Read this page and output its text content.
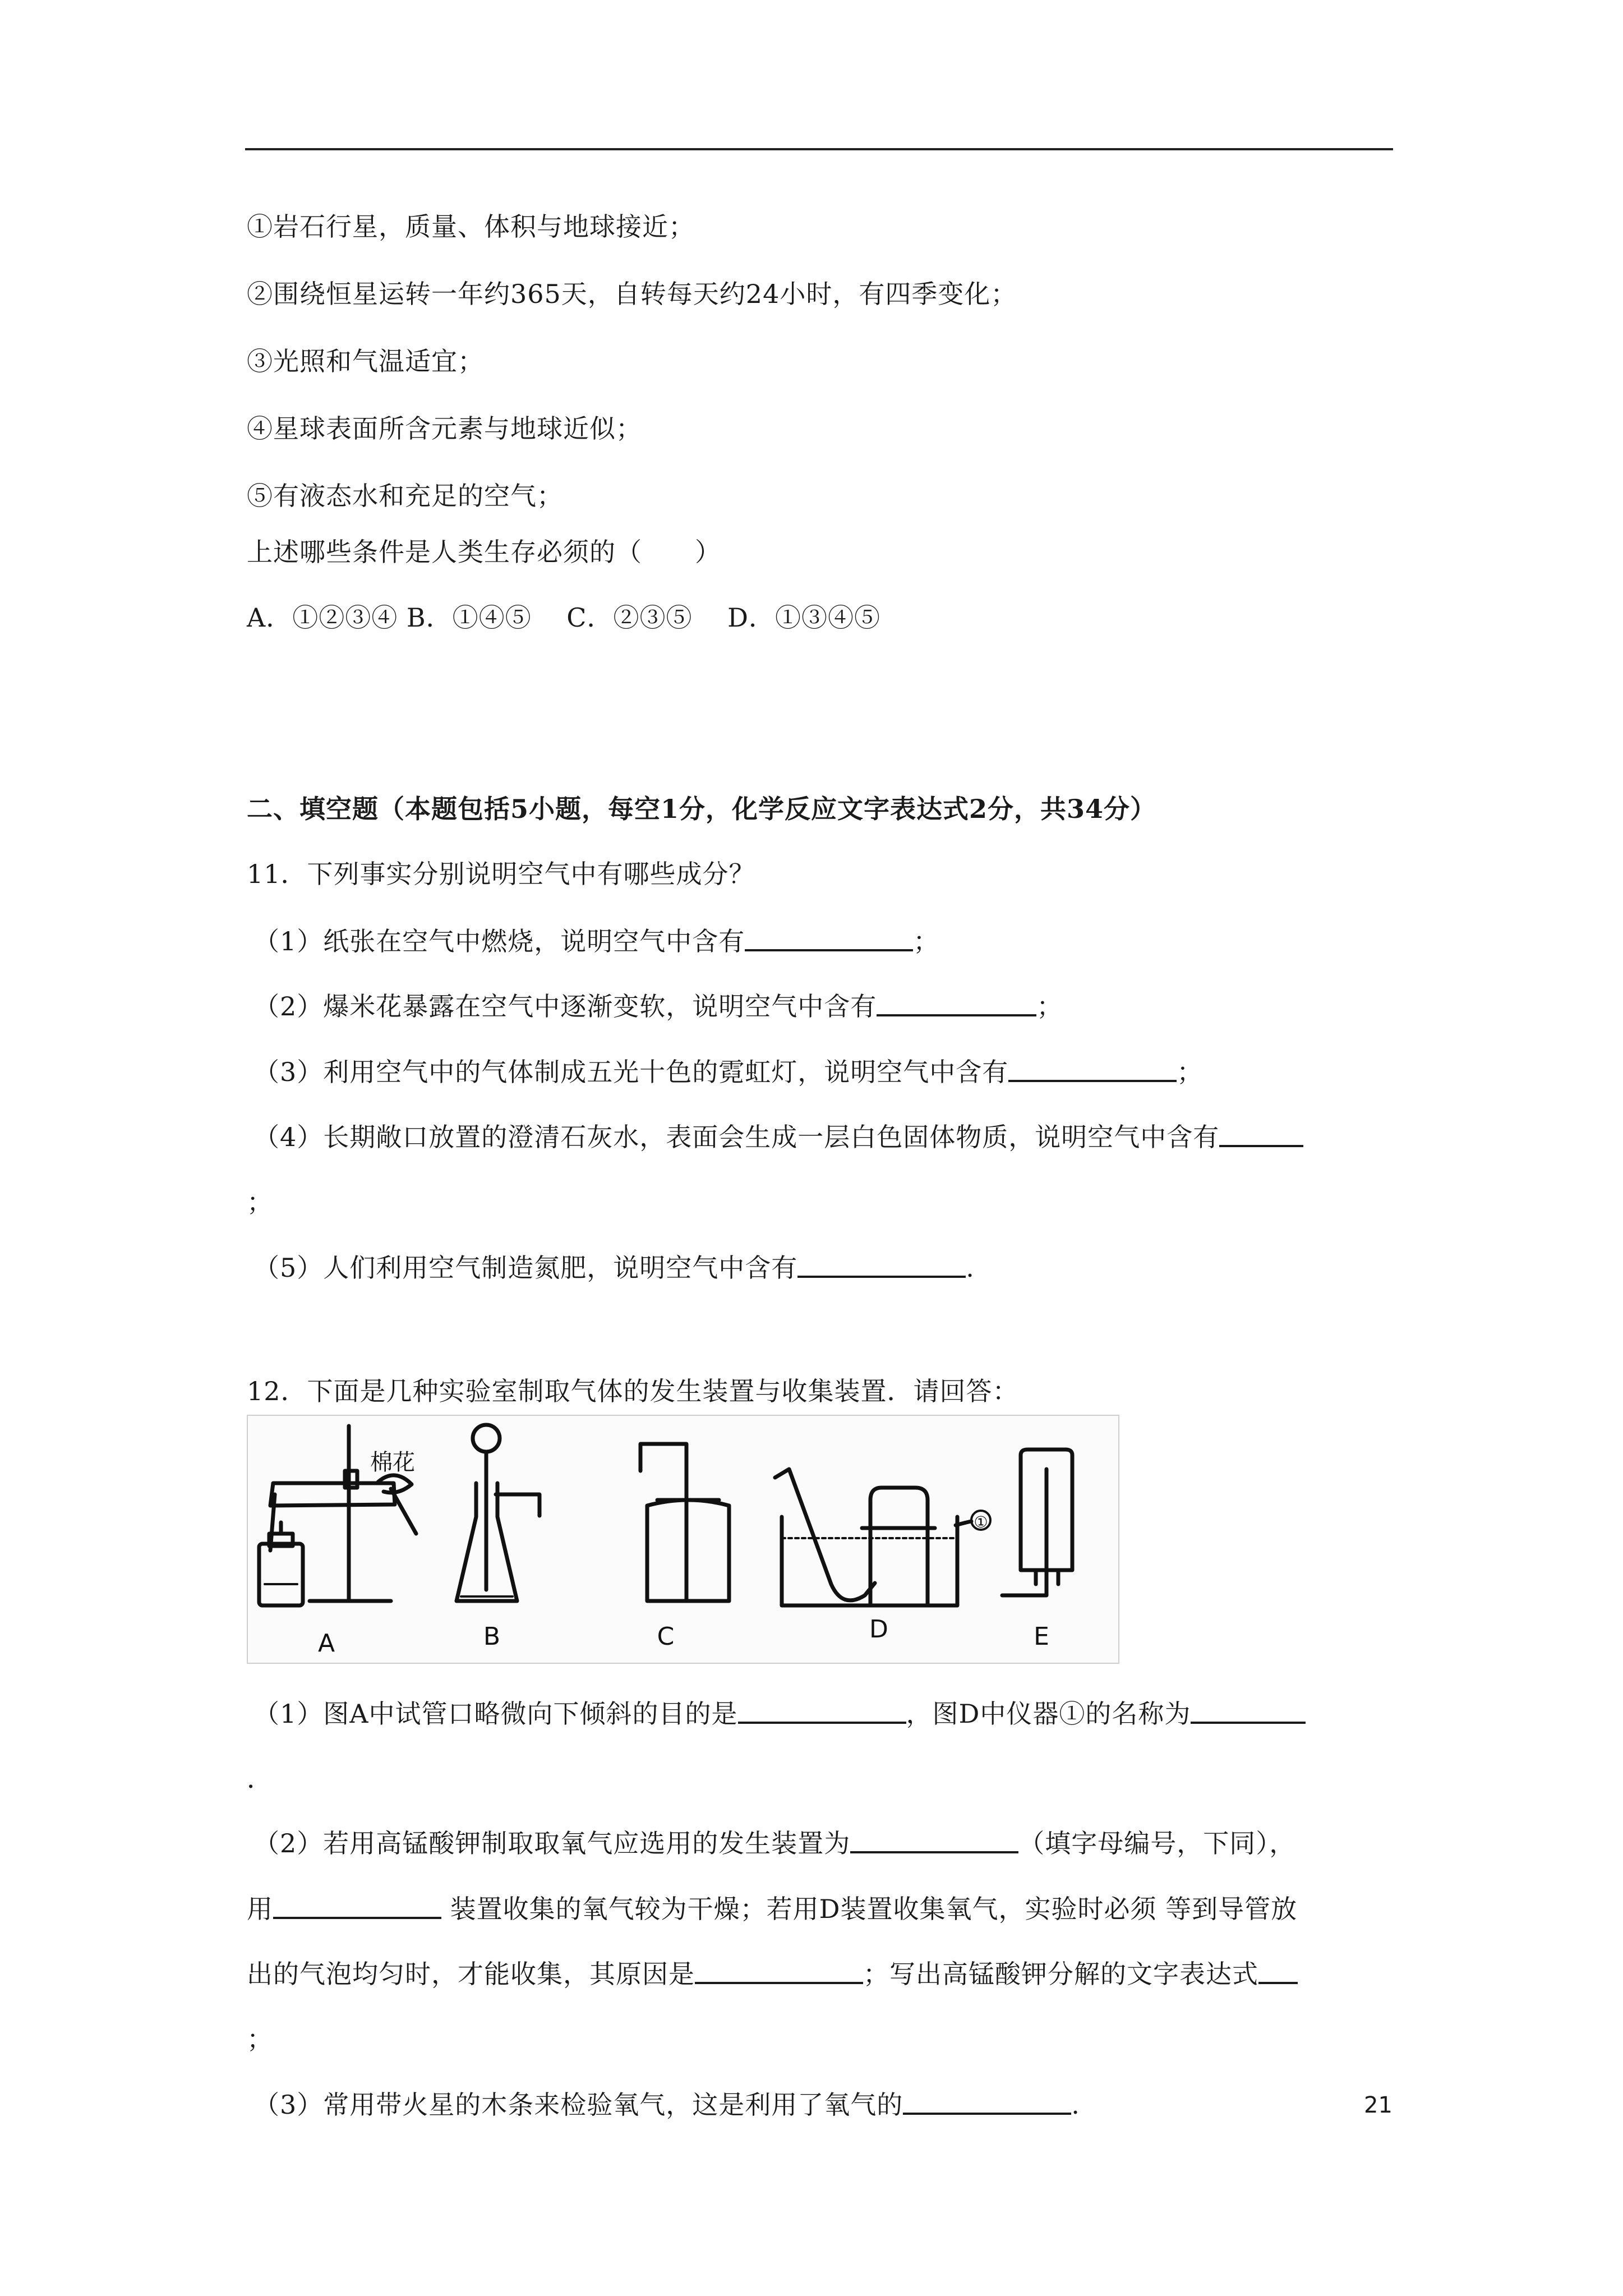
①岩石行星，质量、体积与地球接近；
②围绕恒星运转一年约365天，自转每天约24小时，有四季变化；
③光照和气温适宜；
④星球表面所含元素与地球近似；
⑤有液态水和充足的空气；
上述哪些条件是人类生存必须的（　　）
A．①②③④ B．①④⑤　 C．②③⑤　 D．①③④⑤
二、填空题（本题包括5小题，每空1分，化学反应文字表达式2分，共34分）
11．下列事实分别说明空气中有哪些成分？
（1）纸张在空气中燃烧，说明空气中含有	；
（2）爆米花暴露在空气中逐渐变软，说明空气中含有	；
（3）利用空气中的气体制成五光十色的霓虹灯，说明空气中含有	；
（4）长期敞口放置的澄清石灰水，表面会生成一层白色固体物质，说明空气中含有
；
（5）人们利用空气制造氮肥，说明空气中含有	.
12．下面是几种实验室制取气体的发生装置与收集装置．请回答：
棉花
A	B	C	D	E
①
（1）图A中试管口略微向下倾斜的目的是	，图D中仪器①的名称为
．
（2）若用高锰酸钾制取取氧气应选用的发生装置为	（填字母编号，下同），
用	装置收集的氧气较为干燥；若用D装置收集氧气，实验时必须 等到导管放
出的气泡均匀时，才能收集，其原因是	；写出高锰酸钾分解的文字表达式
；
（3）常用带火星的木条来检验氧气，这是利用了氧气的	.	21
